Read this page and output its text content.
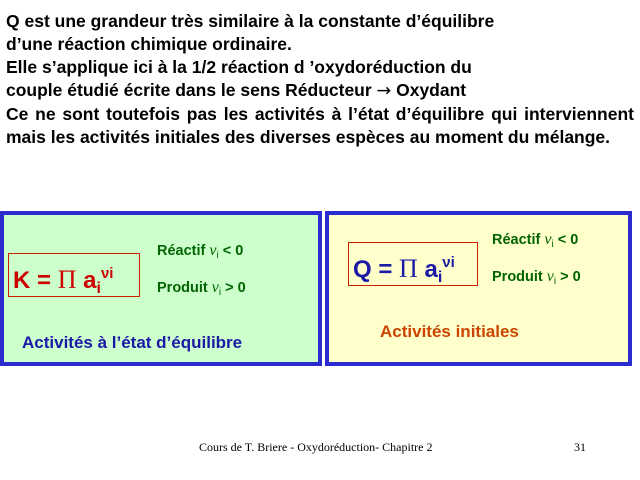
Q est une grandeur très similaire à la constante d’équilibre

d’une réaction chimique ordinaire.

Elle s’applique ici à la 1/2 réaction d ’oxydoréduction du

couple étudié écrite dans le sens Réducteur → Oxydant

Ce ne sont toutefois pas les activités à l’état d’équilibre qui interviennent mais les activités initiales des diverses espèces au moment du mélange.

K = Π $a_i^{\nu i}$
Réactif $\nu_i < 0$
Produit $\nu_i > 0$
Activités à l’état d’équilibre
Q = Π $a_i^{\nu i}$
Réactif $\nu_i < 0$
Produit $\nu_i > 0$
Activités initiales
Cours de T. Briere - Oxydoréduction- Chapitre 2	31
